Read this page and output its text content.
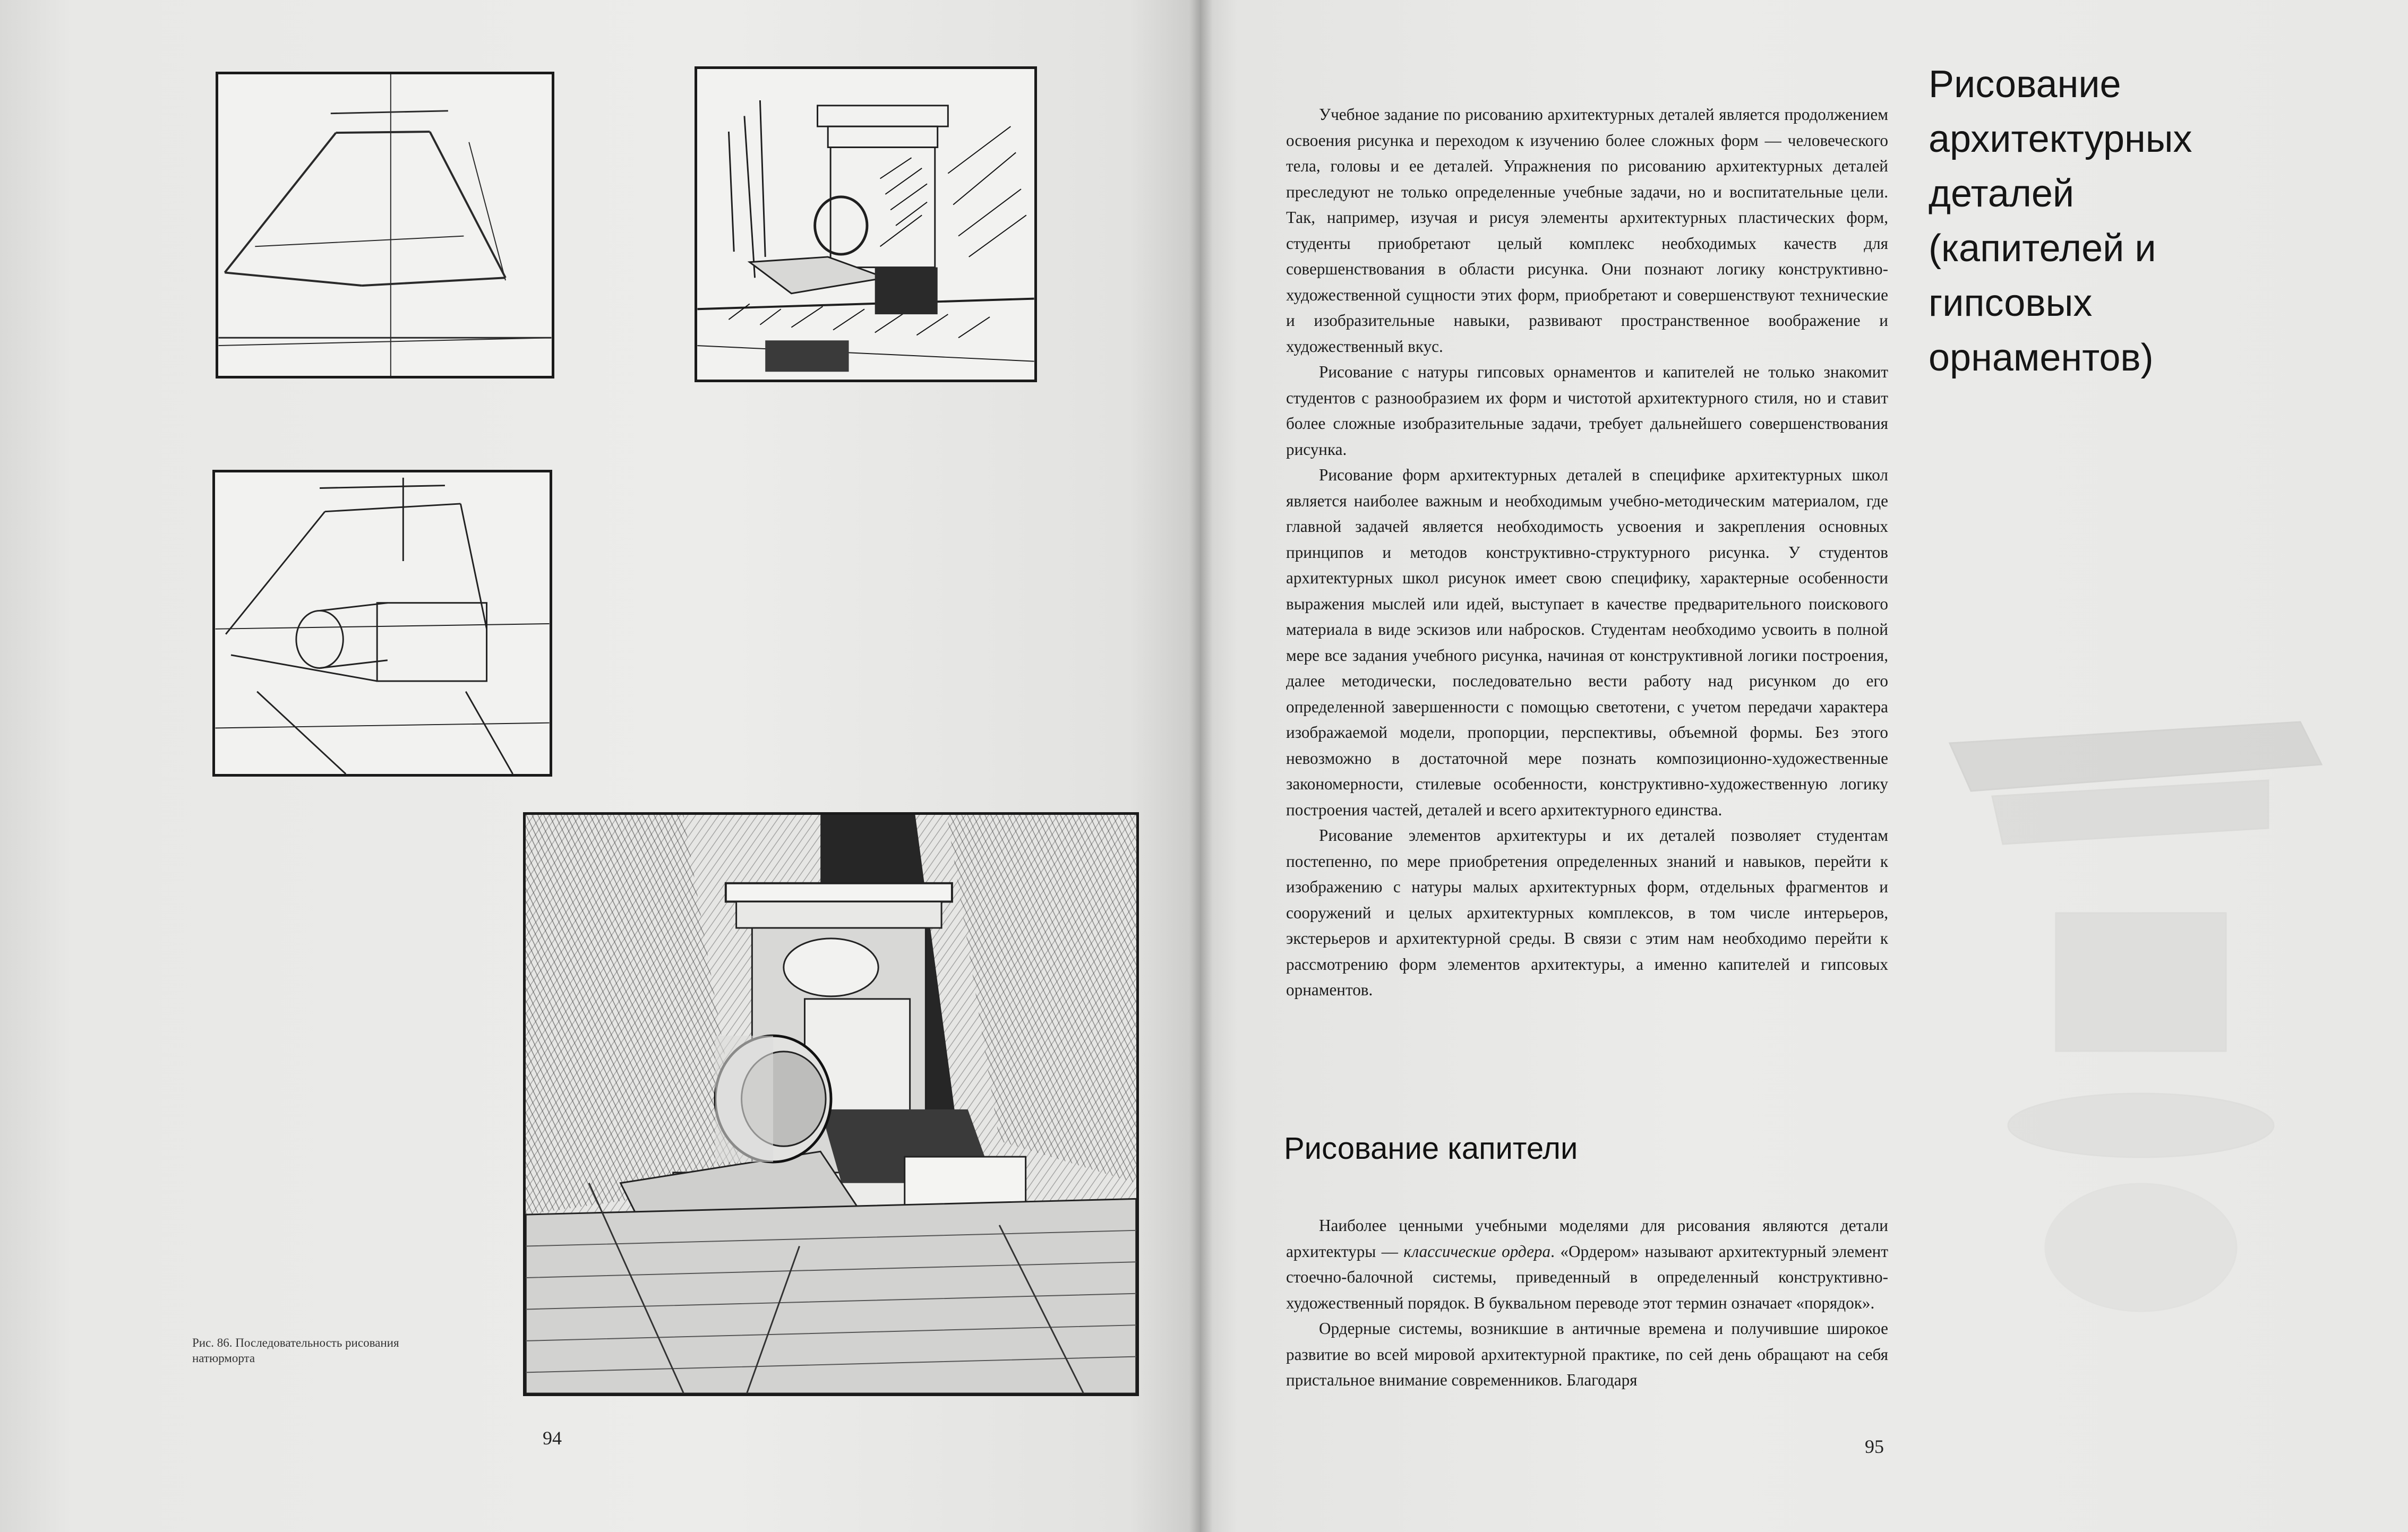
Рис. 86. Последовательность рисования натюрморта
94

Учебное задание по рисованию архитектурных деталей является продолжением освоения рисунка и переходом к изучению более сложных форм — человеческого тела, головы и ее деталей. Упражнения по рисованию архитектурных деталей преследуют не только определенные учебные задачи, но и воспитательные цели. Так, например, изучая и рисуя элементы архитектурных пластических форм, студенты приобретают целый комплекс необходимых качеств для совершенствования в области рисунка. Они познают логику конструктивно-художественной сущности этих форм, приобретают и совершенствуют технические и изобразительные навыки, развивают пространственное воображение и художественный вкус.

Рисование с натуры гипсовых орнаментов и капителей не только знакомит студентов с разнообразием их форм и чистотой архитектурного стиля, но и ставит более сложные изобразительные задачи, требует дальнейшего совершенствования рисунка.

Рисование форм архитектурных деталей в специфике архитектурных школ является наиболее важным и необходимым учебно-методическим материалом, где главной задачей является необходимость усвоения и закрепления основных принципов и методов конструктивно-структурного рисунка. У студентов архитектурных школ рисунок имеет свою специфику, характерные особенности выражения мыслей или идей, выступает в качестве предварительного поискового материала в виде эскизов или набросков. Студентам необходимо усвоить в полной мере все задания учебного рисунка, начиная от конструктивной логики построения, далее методически, последовательно вести работу над рисунком до его определенной завершенности с помощью светотени, с учетом передачи характера изображаемой модели, пропорции, перспективы, объемной формы. Без этого невозможно в достаточной мере познать композиционно-художественные закономерности, стилевые особенности, конструктивно-художественную логику построения частей, деталей и всего архитектурного единства.

Рисование элементов архитектуры и их деталей позволяет студентам постепенно, по мере приобретения определенных знаний и навыков, перейти к изображению с натуры малых архитектурных форм, отдельных фрагментов и сооружений и целых архитектурных комплексов, в том числе интерьеров, экстерьеров и архитектурной среды. В связи с этим нам необходимо перейти к рассмотрению форм элементов архитектуры, а именно капителей и гипсовых орнаментов.

Рисование капители

Наиболее ценными учебными моделями для рисования являются детали архитектуры — классические ордера. «Ордером» называют архитектурный элемент стоечно-балочной системы, приведенный в определенный конструктивно-художественный порядок. В буквальном переводе этот термин означает «порядок».

Ордерные системы, возникшие в античные времена и получившие широкое развитие во всей мировой архитектурной практике, по сей день обращают на себя пристальное внимание современников. Благодаря

Рисование архитектурных деталей (капителей и гипсовых орнаментов)
95
